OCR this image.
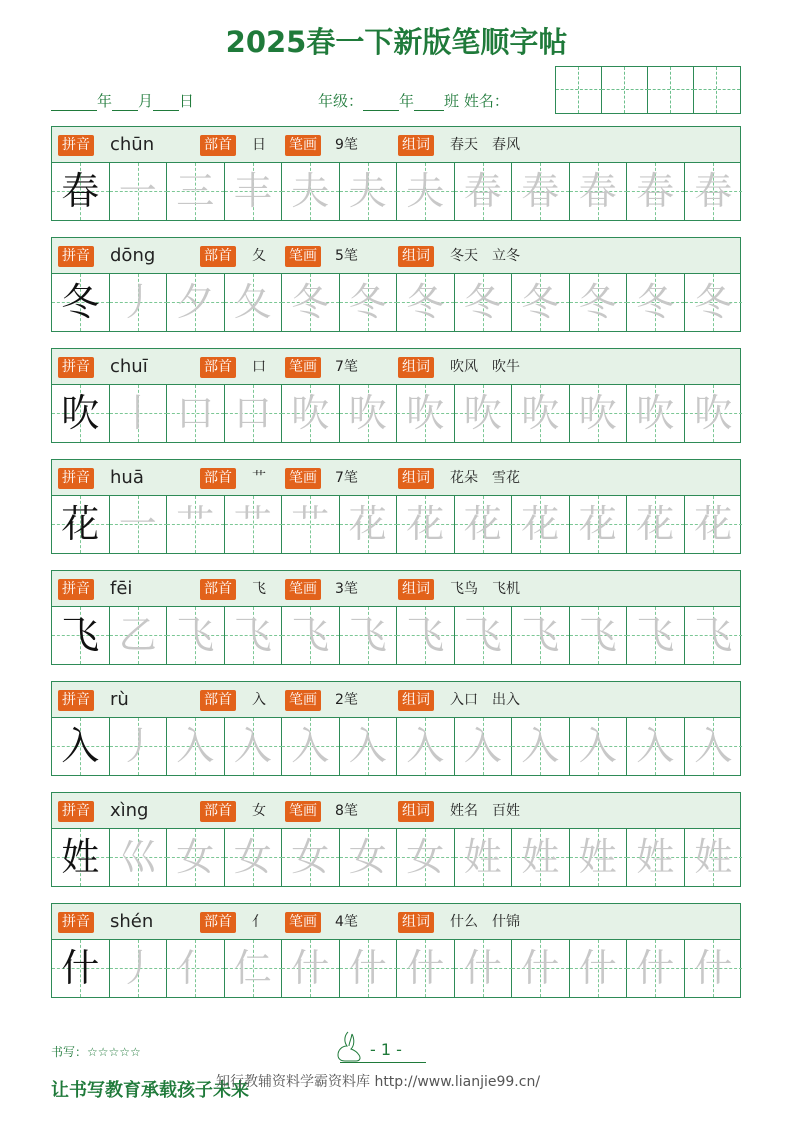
2025春一下新版笔顺字帖
年 月 日	年级： 年 班 姓名：
拼音 chūn	部首 日 笔画 9笔	组词 春天　春风
春 一 三 丰 夫 夫 夫 春 春 春 春 春
拼音 dōng	部首 夂 笔画 5笔	组词 冬天　立冬
冬 丿 夕 夂 冬 冬 冬 冬 冬 冬 冬 冬
拼音 chuī	部首 口 笔画 7笔	组词 吹风　吹牛
吹 丨 口 口 吹 吹 吹 吹 吹 吹 吹 吹
拼音 huā	部首 艹 笔画 7笔	组词 花朵　雪花
花 一 艹 艹 艹 花 花 花 花 花 花 花
拼音 fēi	部首 飞 笔画 3笔	组词 飞鸟　飞机
飞 乙 飞 飞 飞 飞 飞 飞 飞 飞 飞 飞
拼音 rù	部首 入 笔画 2笔	组词 入口　出入
入 丿 入 入 入 入 入 入 入 入 入 入
拼音 xìng	部首 女 笔画 8笔	组词 姓名　百姓
姓 巛 女 女 女 女 女 姓 姓 姓 姓 姓
拼音 shén	部首 亻 笔画 4笔	组词 什么　什锦
什 丿 亻 仁 什 什 什 什 什 什 什 什
书写：☆☆☆☆☆	- 1 -
让书写教育承载孩子未来
知行教辅资料学霸资料库 http://www.lianjie99.cn/
